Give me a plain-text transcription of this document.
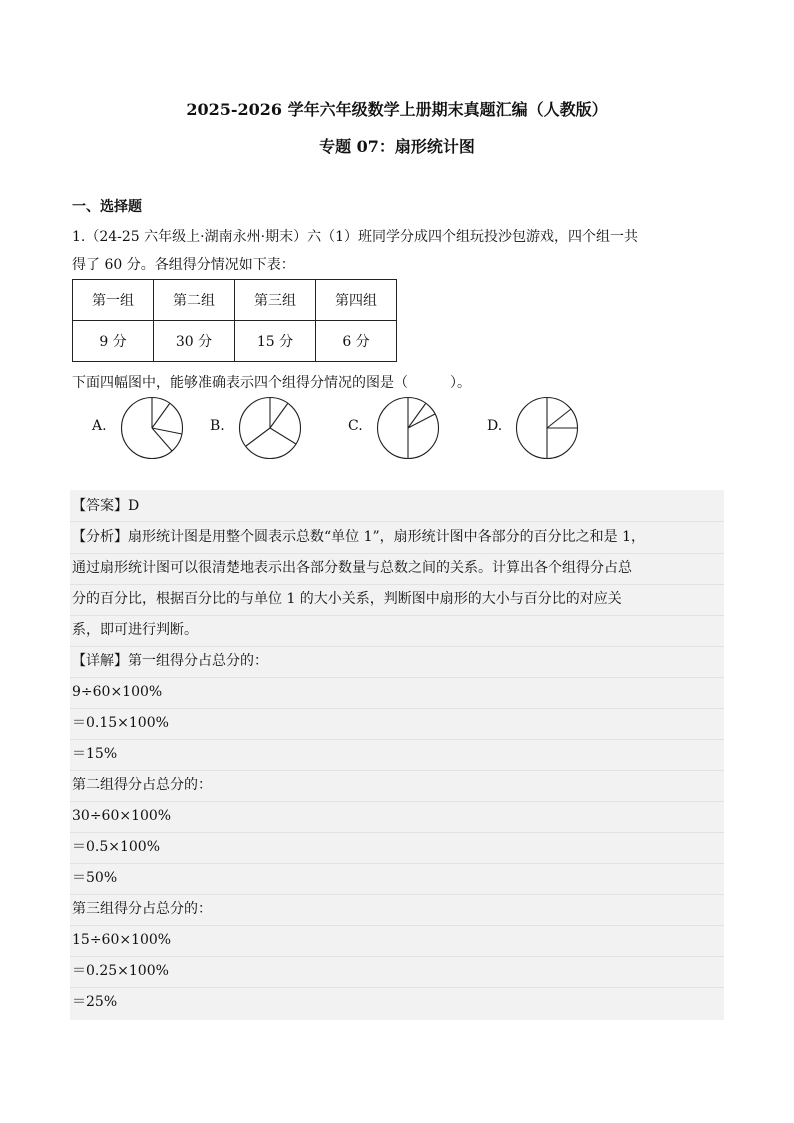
2025-2026 学年六年级数学上册期末真题汇编（人教版）
专题 07：扇形统计图
一、选择题
1.（24-25 六年级上·湖南永州·期末）六（1）班同学分成四个组玩投沙包游戏，四个组一共
得了 60 分。各组得分情况如下表：
第一组	第二组	第三组	第四组
9 分	30 分	15 分	6 分
下面四幅图中，能够准确表示四个组得分情况的图是（　　　）。
A.	B.	C.	D.
【答案】D
【分析】扇形统计图是用整个圆表示总数“单位 1”，扇形统计图中各部分的百分比之和是 1，
通过扇形统计图可以很清楚地表示出各部分数量与总数之间的关系。计算出各个组得分占总
分的百分比，根据百分比的与单位 1 的大小关系，判断图中扇形的大小与百分比的对应关
系，即可进行判断。
【详解】第一组得分占总分的：
9÷60×100%
＝0.15×100%
＝15%
第二组得分占总分的：
30÷60×100%
＝0.5×100%
＝50%
第三组得分占总分的：
15÷60×100%
＝0.25×100%
＝25%
